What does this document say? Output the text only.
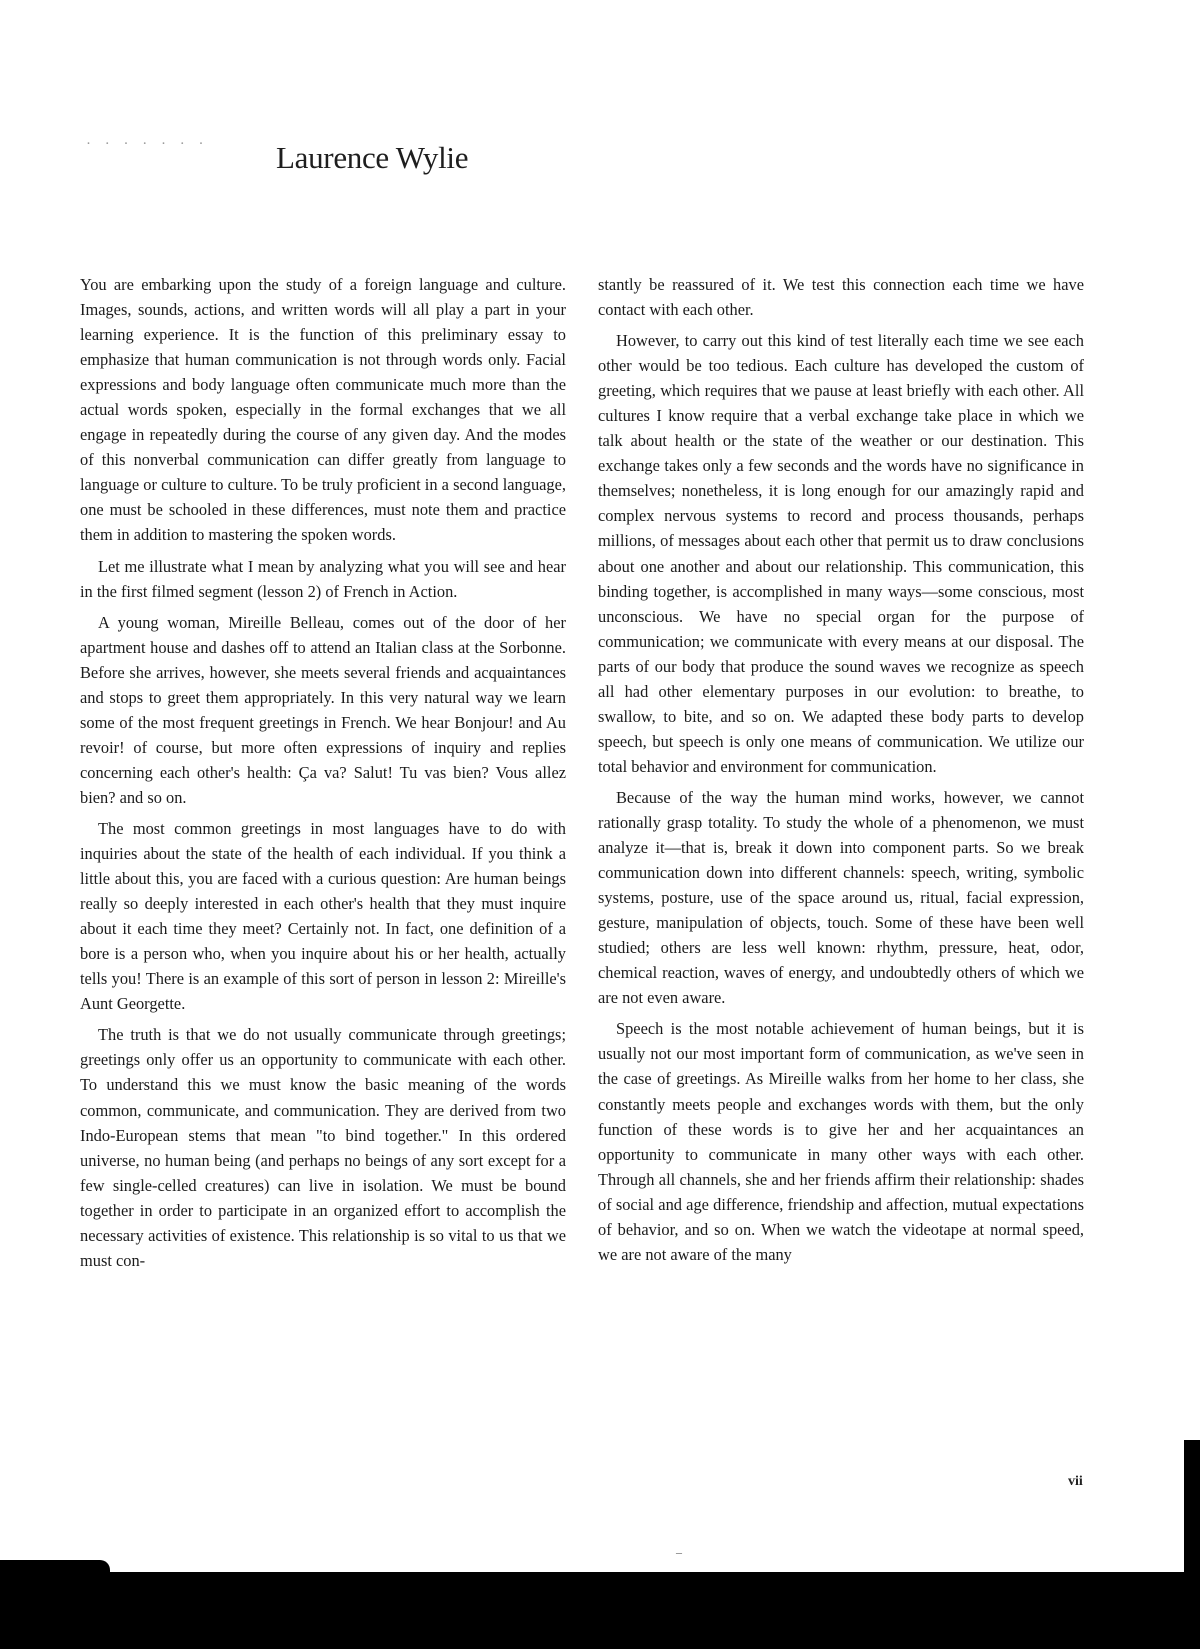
· · · · · · · Laurence Wylie

You are embarking upon the study of a foreign language and culture. Images, sounds, actions, and written words will all play a part in your learning experience. It is the function of this preliminary essay to emphasize that human communication is not through words only. Facial expressions and body language often communicate much more than the actual words spoken, especially in the formal exchanges that we all engage in repeatedly during the course of any given day. And the modes of this nonverbal communication can differ greatly from language to language or culture to culture. To be truly proficient in a second language, one must be schooled in these differences, must note them and practice them in addition to mastering the spoken words.

Let me illustrate what I mean by analyzing what you will see and hear in the first filmed segment (lesson 2) of French in Action.

A young woman, Mireille Belleau, comes out of the door of her apartment house and dashes off to attend an Italian class at the Sorbonne. Before she arrives, however, she meets several friends and acquaintances and stops to greet them appropriately. In this very natural way we learn some of the most frequent greetings in French. We hear Bonjour! and Au revoir! of course, but more often expressions of inquiry and replies concerning each other's health: Ça va? Salut! Tu vas bien? Vous allez bien? and so on.

The most common greetings in most languages have to do with inquiries about the state of the health of each individual. If you think a little about this, you are faced with a curious question: Are human beings really so deeply interested in each other's health that they must inquire about it each time they meet? Certainly not. In fact, one definition of a bore is a person who, when you inquire about his or her health, actually tells you! There is an example of this sort of person in lesson 2: Mireille's Aunt Georgette.

The truth is that we do not usually communicate through greetings; greetings only offer us an opportunity to communicate with each other. To understand this we must know the basic meaning of the words common, communicate, and communication. They are derived from two Indo-European stems that mean "to bind together." In this ordered universe, no human being (and perhaps no beings of any sort except for a few single-celled creatures) can live in isolation. We must be bound together in order to participate in an organized effort to accomplish the necessary activities of existence. This relationship is so vital to us that we must con-

stantly be reassured of it. We test this connection each time we have contact with each other.

However, to carry out this kind of test literally each time we see each other would be too tedious. Each culture has developed the custom of greeting, which requires that we pause at least briefly with each other. All cultures I know require that a verbal exchange take place in which we talk about health or the state of the weather or our destination. This exchange takes only a few seconds and the words have no significance in themselves; nonetheless, it is long enough for our amazingly rapid and complex nervous systems to record and process thousands, perhaps millions, of messages about each other that permit us to draw conclusions about one another and about our relationship. This communication, this binding together, is accomplished in many ways—some conscious, most unconscious. We have no special organ for the purpose of communication; we communicate with every means at our disposal. The parts of our body that produce the sound waves we recognize as speech all had other elementary purposes in our evolution: to breathe, to swallow, to bite, and so on. We adapted these body parts to develop speech, but speech is only one means of communication. We utilize our total behavior and environment for communication.

Because of the way the human mind works, however, we cannot rationally grasp totality. To study the whole of a phenomenon, we must analyze it—that is, break it down into component parts. So we break communication down into different channels: speech, writing, symbolic systems, posture, use of the space around us, ritual, facial expression, gesture, manipulation of objects, touch. Some of these have been well studied; others are less well known: rhythm, pressure, heat, odor, chemical reaction, waves of energy, and undoubtedly others of which we are not even aware.

Speech is the most notable achievement of human beings, but it is usually not our most important form of communication, as we've seen in the case of greetings. As Mireille walks from her home to her class, she constantly meets people and exchanges words with them, but the only function of these words is to give her and her acquaintances an opportunity to communicate in many other ways with each other. Through all channels, she and her friends affirm their relationship: shades of social and age difference, friendship and affection, mutual expectations of behavior, and so on. When we watch the videotape at normal speed, we are not aware of the many

vii
–
